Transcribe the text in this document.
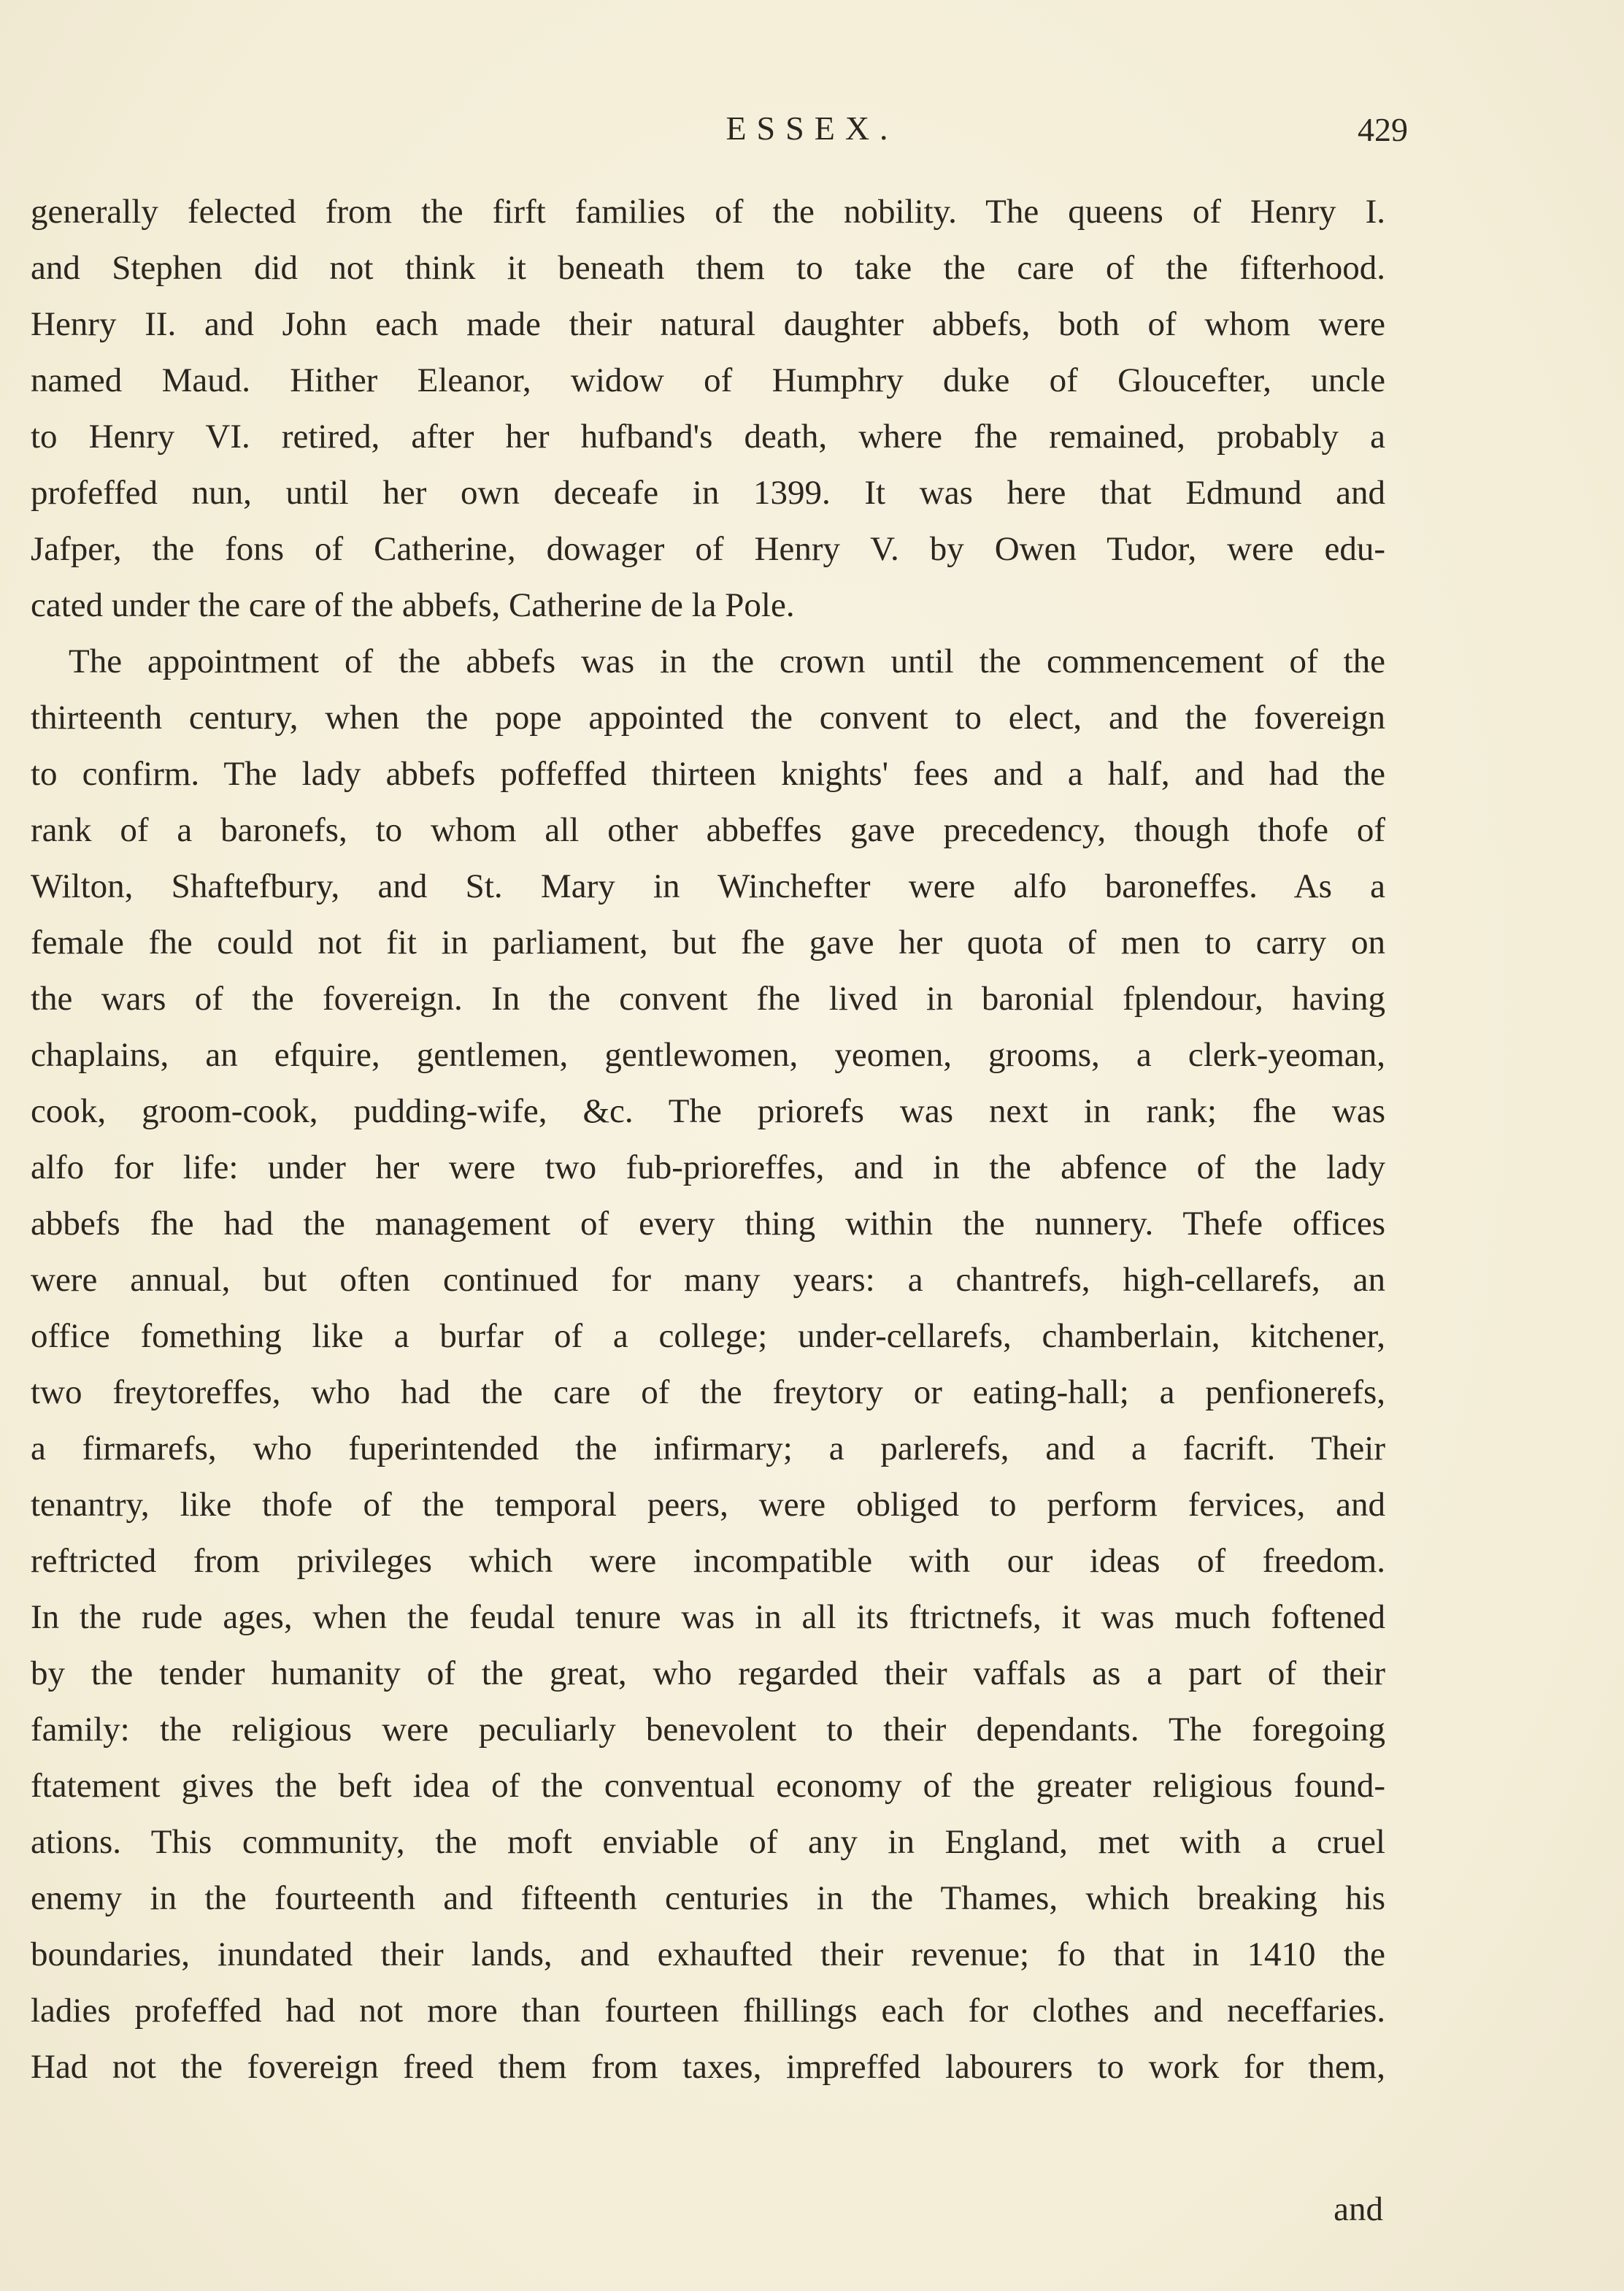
ESSEX.	429
generally felected from the firft families of the nobility. The queens of Henry I.
and Stephen did not think it beneath them to take the care of the fifterhood.
Henry II. and John each made their natural daughter abbefs, both of whom were
named Maud. Hither Eleanor, widow of Humphry duke of Gloucefter, uncle
to Henry VI. retired, after her hufband's death, where fhe remained, probably a
profeffed nun, until her own deceafe in 1399. It was here that Edmund and
Jafper, the fons of Catherine, dowager of Henry V. by Owen Tudor, were edu-
cated under the care of the abbefs, Catherine de la Pole.
The appointment of the abbefs was in the crown until the commencement of the
thirteenth century, when the pope appointed the convent to elect, and the fovereign
to confirm. The lady abbefs poffeffed thirteen knights' fees and a half, and had the
rank of a baronefs, to whom all other abbeffes gave precedency, though thofe of
Wilton, Shaftefbury, and St. Mary in Winchefter were alfo baroneffes. As a
female fhe could not fit in parliament, but fhe gave her quota of men to carry on
the wars of the fovereign. In the convent fhe lived in baronial fplendour, having
chaplains, an efquire, gentlemen, gentlewomen, yeomen, grooms, a clerk-yeoman,
cook, groom-cook, pudding-wife, &c. The priorefs was next in rank; fhe was
alfo for life: under her were two fub-prioreffes, and in the abfence of the lady
abbefs fhe had the management of every thing within the nunnery. Thefe offices
were annual, but often continued for many years: a chantrefs, high-cellarefs, an
office fomething like a burfar of a college; under-cellarefs, chamberlain, kitchener,
two freytoreffes, who had the care of the freytory or eating-hall; a penfionerefs,
a firmarefs, who fuperintended the infirmary; a parlerefs, and a facrift. Their
tenantry, like thofe of the temporal peers, were obliged to perform fervices, and
reftricted from privileges which were incompatible with our ideas of freedom.
In the rude ages, when the feudal tenure was in all its ftrictnefs, it was much foftened
by the tender humanity of the great, who regarded their vaffals as a part of their
family: the religious were peculiarly benevolent to their dependants. The foregoing
ftatement gives the beft idea of the conventual economy of the greater religious found-
ations. This community, the moft enviable of any in England, met with a cruel
enemy in the fourteenth and fifteenth centuries in the Thames, which breaking his
boundaries, inundated their lands, and exhaufted their revenue; fo that in 1410 the
ladies profeffed had not more than fourteen fhillings each for clothes and neceffaries.
Had not the fovereign freed them from taxes, impreffed labourers to work for them,
and
